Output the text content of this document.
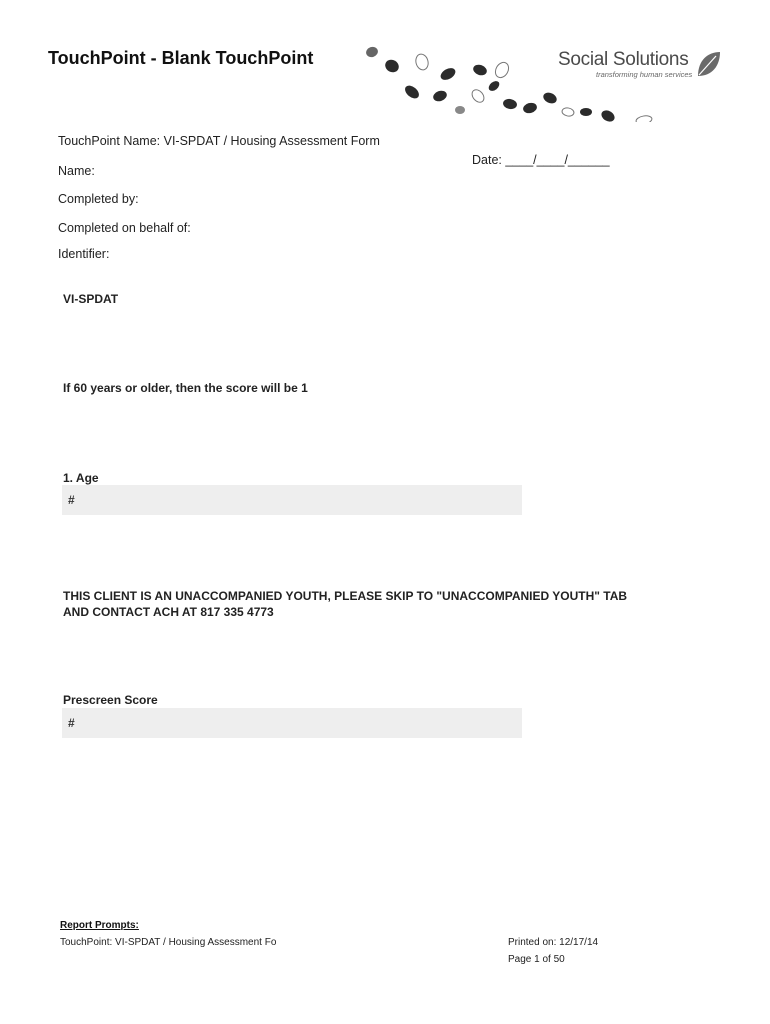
TouchPoint - Blank TouchPoint	Social Solutions
transforming human services
TouchPoint Name: VI-SPDAT / Housing Assessment Form
Date: ____/____/______
Name:
Completed by:
Completed on behalf of:
Identifier:
VI-SPDAT
If 60 years or older, then the score will be 1
1. Age
#
THIS CLIENT IS AN UNACCOMPANIED YOUTH, PLEASE SKIP TO "UNACCOMPANIED YOUTH" TAB
AND CONTACT ACH AT 817 335 4773
Prescreen Score
#
Report Prompts:
TouchPoint: VI-SPDAT / Housing Assessment Fo	Printed on: 12/17/14
Page 1 of 50
